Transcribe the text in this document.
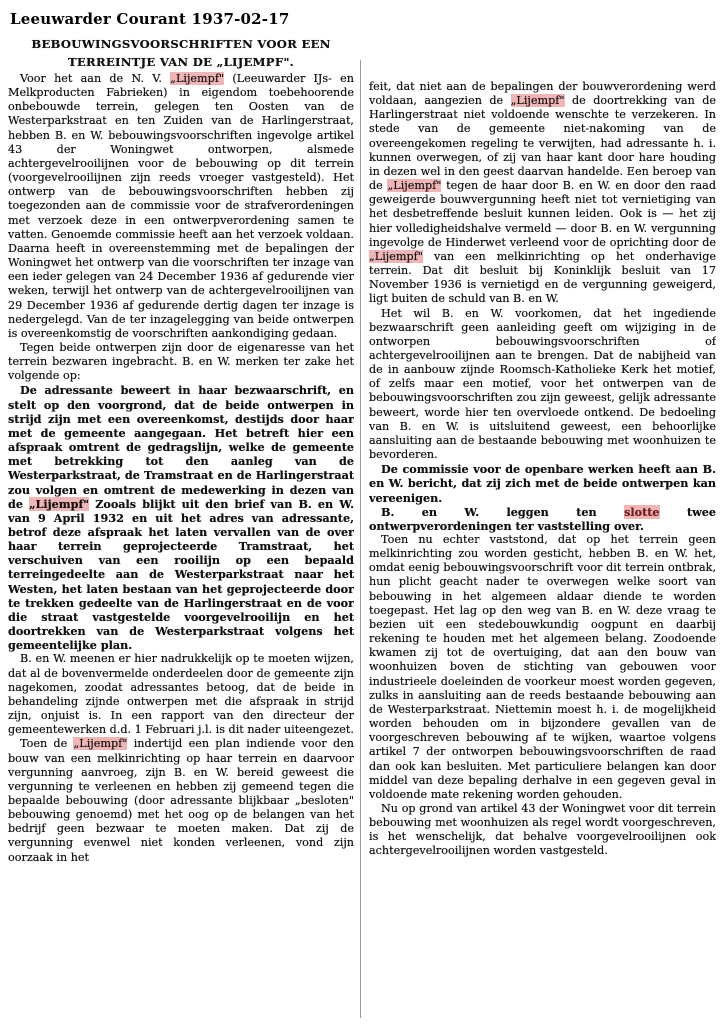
Leeuwarder Courant 1937-02-17
BEBOUWINGSVOORSCHRIFTEN VOOR EEN
TERREINTJE VAN DE „LIJEMPF".

Voor het aan de N. V. „Lijempf" (Leeuwarder IJs- en Melkproducten Fabrieken) in eigendom toebehoorende onbebouwde terrein, gelegen ten Oosten van de Westerparkstraat en ten Zuiden van de Harlingerstraat, hebben B. en W. bebouwingsvoorschriften ingevolge artikel 43 der Woningwet ontworpen, alsmede achtergevelrooilijnen voor de bebouwing op dit terrein (voorgevelrooilijnen zijn reeds vroeger vastgesteld). Het ontwerp van de bebouwingsvoorschriften hebben zij toegezonden aan de commissie voor de strafverordeningen met verzoek deze in een ontwerpverordening samen te vatten. Genoemde commissie heeft aan het verzoek voldaan. Daarna heeft in overeenstemming met de bepalingen der Woningwet het ontwerp van die voorschriften ter inzage van een ieder gelegen van 24 December 1936 af gedurende vier weken, terwijl het ontwerp van de achtergevelrooilijnen van 29 December 1936 af gedurende dertig dagen ter inzage is nedergelegd. Van de ter inzagelegging van beide ontwerpen is overeenkomstig de voorschriften aankondiging gedaan.

Tegen beide ontwerpen zijn door de eigenaresse van het terrein bezwaren ingebracht. B. en W. merken ter zake het volgende op:

De adressante beweert in haar bezwaarschrift, en stelt op den voorgrond, dat de beide ontwerpen in strijd zijn met een overeenkomst, destijds door haar met de gemeente aangegaan. Het betreft hier een afspraak omtrent de gedragslijn, welke de gemeente met betrekking tot den aanleg van de Westerparkstraat, de Tramstraat en de Harlingerstraat zou volgen en omtrent de medewerking in dezen van de „Lijempf" Zooals blijkt uit den brief van B. en W. van 9 April 1932 en uit het adres van adressante, betrof deze afspraak het laten vervallen van de over haar terrein geprojecteerde Tramstraat, het verschuiven van een rooilijn op een bepaald terreingedeelte aan de Westerparkstraat naar het Westen, het laten bestaan van het geprojecteerde door te trekken gedeelte van de Harlingerstraat en de voor die straat vastgestelde voorgevelrooilijn en het doortrekken van de Westerparkstraat volgens het gemeentelijke plan.

B. en W. meenen er hier nadrukkelijk op te moeten wijzen, dat al de bovenvermelde onderdeelen door de gemeente zijn nagekomen, zoodat adressantes betoog, dat de beide in behandeling zijnde ontwerpen met die afspraak in strijd zijn, onjuist is. In een rapport van den directeur der gemeentewerken d.d. 1 Februari j.l. is dit nader uiteengezet.

Toen de „Lijempf" indertijd een plan indiende voor den bouw van een melkinrichting op haar terrein en daarvoor vergunning aanvroeg, zijn B. en W. bereid geweest die vergunning te verleenen en hebben zij gemeend tegen die bepaalde bebouwing (door adressante blijkbaar „besloten" bebouwing genoemd) met het oog op de belangen van het bedrijf geen bezwaar te moeten maken. Dat zij de vergunning evenwel niet konden verleenen, vond zijn oorzaak in het

feit, dat niet aan de bepalingen der bouwverordening werd voldaan, aangezien de „Lijempf" de doortrekking van de Harlingerstraat niet voldoende wenschte te verzekeren. In stede van de gemeente niet-nakoming van de overeengekomen regeling te verwijten, had adressante h. i. kunnen overwegen, of zij van haar kant door hare houding in dezen wel in den geest daarvan handelde. Een beroep van de „Lijempf" tegen de haar door B. en W. en door den raad geweigerde bouwvergunning heeft niet tot vernietiging van het desbetreffende besluit kunnen leiden. Ook is — het zij hier volledigheidshalve vermeld — door B. en W. vergunning ingevolge de Hinderwet verleend voor de oprichting door de „Lijempf" van een melkinrichting op het onderhavige terrein. Dat dit besluit bij Koninklijk besluit van 17 November 1936 is vernietigd en de vergunning geweigerd, ligt buiten de schuld van B. en W.

Het wil B. en W. voorkomen, dat het ingediende bezwaarschrift geen aanleiding geeft om wijziging in de ontworpen bebouwingsvoorschriften of achtergevelrooilijnen aan te brengen. Dat de nabijheid van de in aanbouw zijnde Roomsch-Katholieke Kerk het motief, of zelfs maar een motief, voor het ontwerpen van de bebouwingsvoorschriften zou zijn geweest, gelijk adressante beweert, worde hier ten overvloede ontkend. De bedoeling van B. en W. is uitsluitend geweest, een behoorlijke aansluiting aan de bestaande bebouwing met woonhuizen te bevorderen.

De commissie voor de openbare werken heeft aan B. en W. bericht, dat zij zich met de beide ontwerpen kan vereenigen.

B. en W. leggen ten slotte twee ontwerpverordeningen ter vaststelling over.

Toen nu echter vaststond, dat op het terrein geen melkinrichting zou worden gesticht, hebben B. en W. het, omdat eenig bebouwingsvoorschrift voor dit terrein ontbrak, hun plicht geacht nader te overwegen welke soort van bebouwing in het algemeen aldaar diende te worden toegepast. Het lag op den weg van B. en W. deze vraag te bezien uit een stedebouwkundig oogpunt en daarbij rekening te houden met het algemeen belang. Zoodoende kwamen zij tot de overtuiging, dat aan den bouw van woonhuizen boven de stichting van gebouwen voor industrieele doeleinden de voorkeur moest worden gegeven, zulks in aansluiting aan de reeds bestaande bebouwing aan de Westerparkstraat. Niettemin moest h. i. de mogelijkheid worden behouden om in bijzondere gevallen van de voorgeschreven bebouwing af te wijken, waartoe volgens artikel 7 der ontworpen bebouwingsvoorschriften de raad dan ook kan besluiten. Met particuliere belangen kan door middel van deze bepaling derhalve in een gegeven geval in voldoende mate rekening worden gehouden.

Nu op grond van artikel 43 der Woningwet voor dit terrein bebouwing met woonhuizen als regel wordt voorgeschreven, is het wenschelijk, dat behalve voorgevelrooilijnen ook achtergevelrooilijnen worden vastgesteld.
